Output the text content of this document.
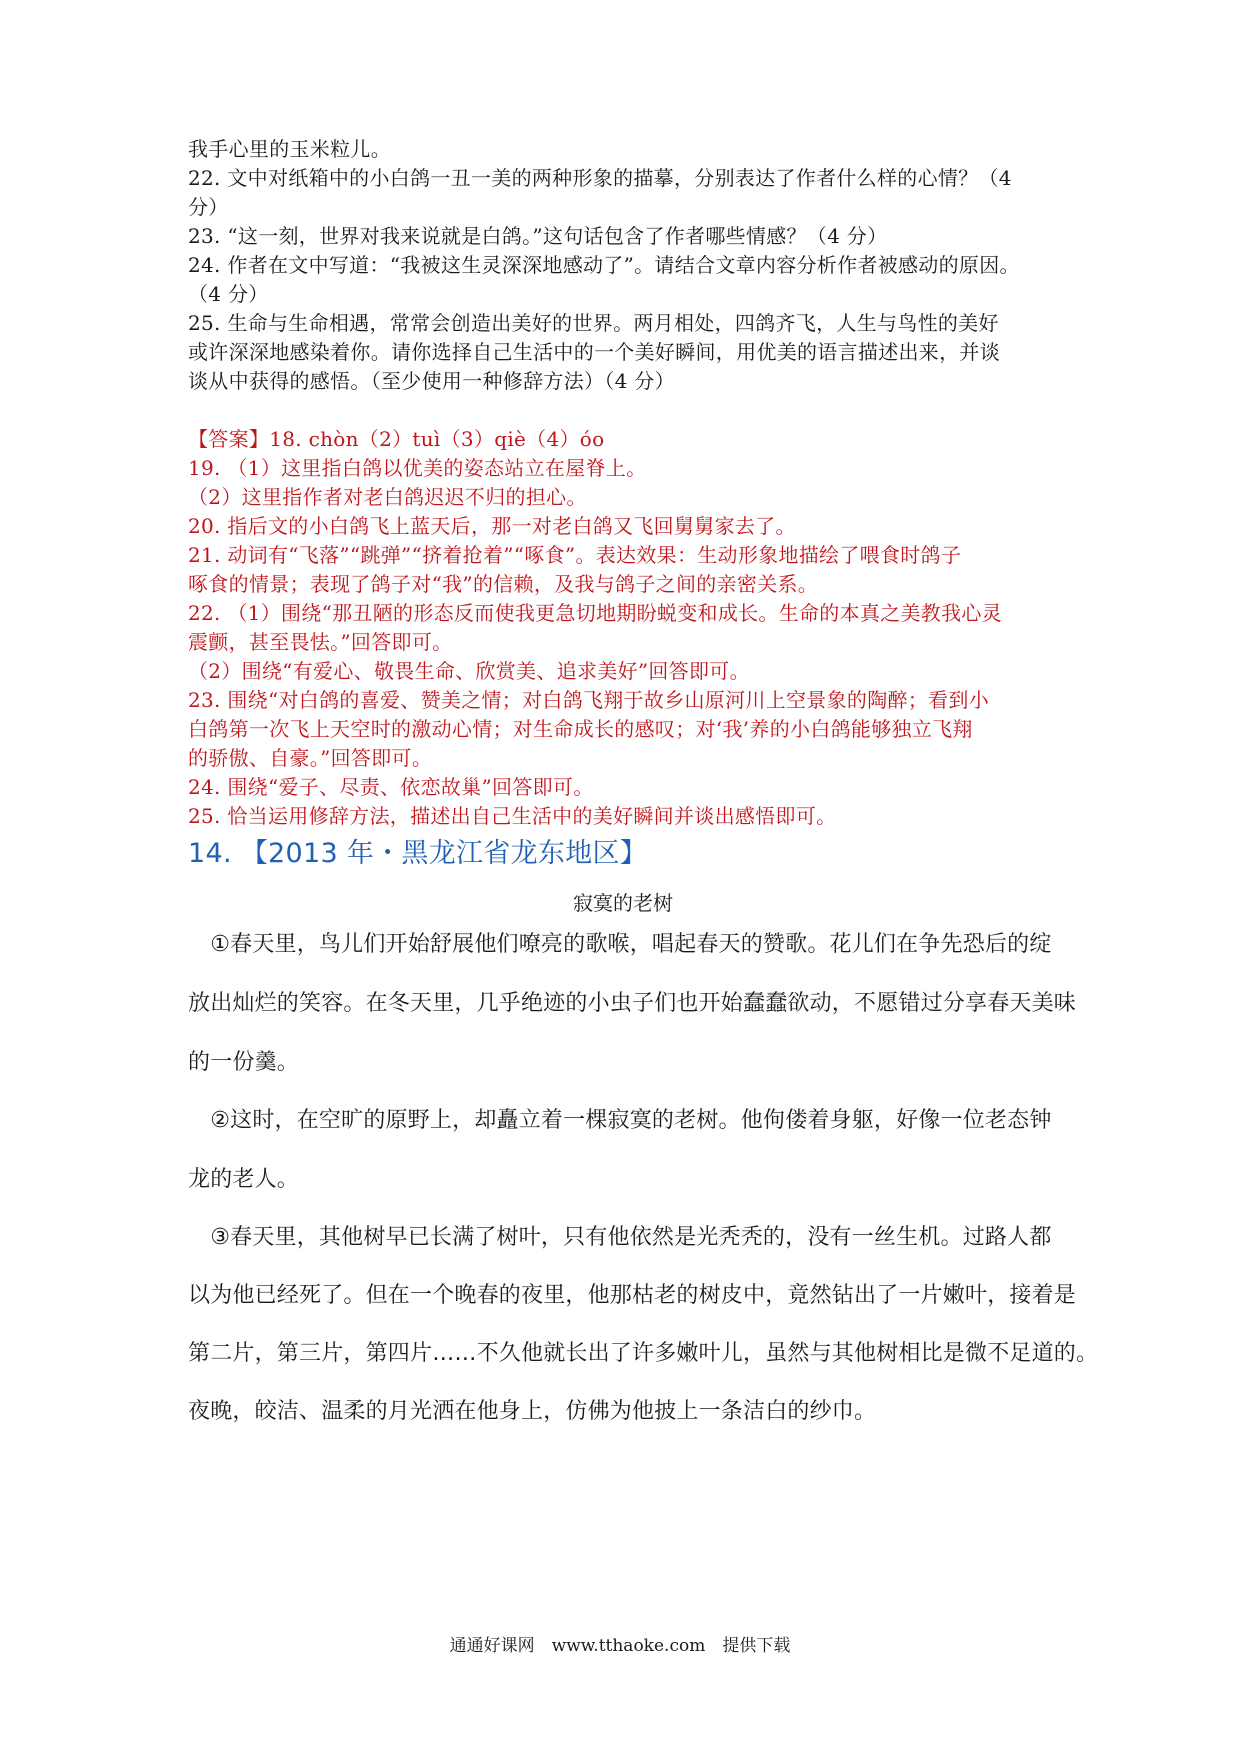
我手心里的玉米粒儿。
22. 文中对纸箱中的小白鸽一丑一美的两种形象的描摹，分别表达了作者什么样的心情？（4
分）
23. “这一刻，世界对我来说就是白鸽。”这句话包含了作者哪些情感？（4 分）
24. 作者在文中写道：“我被这生灵深深地感动了”。请结合文章内容分析作者被感动的原因。
（4 分）
25. 生命与生命相遇，常常会创造出美好的世界。两月相处，四鸽齐飞，人生与鸟性的美好
或许深深地感染着你。请你选择自己生活中的一个美好瞬间，用优美的语言描述出来，并谈
谈从中获得的感悟。（至少使用一种修辞方法）（4 分）
【答案】18. chòn（2）tuì（3）qiè（4）óo
19. （1）这里指白鸽以优美的姿态站立在屋脊上。
（2）这里指作者对老白鸽迟迟不归的担心。
20. 指后文的小白鸽飞上蓝天后，那一对老白鸽又飞回舅舅家去了。
21. 动词有“飞落”“跳弹”“挤着抢着”“啄食”。表达效果：生动形象地描绘了喂食时鸽子
啄食的情景；表现了鸽子对“我”的信赖，及我与鸽子之间的亲密关系。
22. （1）围绕“那丑陋的形态反而使我更急切地期盼蜕变和成长。生命的本真之美教我心灵
震颤，甚至畏怯。”回答即可。
（2）围绕“有爱心、敬畏生命、欣赏美、追求美好”回答即可。
23. 围绕“对白鸽的喜爱、赞美之情；对白鸽飞翔于故乡山原河川上空景象的陶醉；看到小
白鸽第一次飞上天空时的激动心情；对生命成长的感叹；对‘我’养的小白鸽能够独立飞翔
的骄傲、自豪。”回答即可。
24. 围绕“爱子、尽责、依恋故巢”回答即可。
25. 恰当运用修辞方法，描述出自己生活中的美好瞬间并谈出感悟即可。
14. 【2013 年・黑龙江省龙东地区】
寂寞的老树
　①春天里，鸟儿们开始舒展他们嘹亮的歌喉，唱起春天的赞歌。花儿们在争先恐后的绽
放出灿烂的笑容。在冬天里，几乎绝迹的小虫子们也开始蠢蠢欲动，不愿错过分享春天美味
的一份羹。
　②这时，在空旷的原野上，却矗立着一棵寂寞的老树。他佝偻着身躯，好像一位老态钟
龙的老人。
　③春天里，其他树早已长满了树叶，只有他依然是光秃秃的，没有一丝生机。过路人都
以为他已经死了。但在一个晚春的夜里，他那枯老的树皮中，竟然钻出了一片嫩叶，接着是
第二片，第三片，第四片……不久他就长出了许多嫩叶儿，虽然与其他树相比是微不足道的。
夜晚，皎洁、温柔的月光洒在他身上，仿佛为他披上一条洁白的纱巾。
通通好课网　www.tthaoke.com　提供下载
